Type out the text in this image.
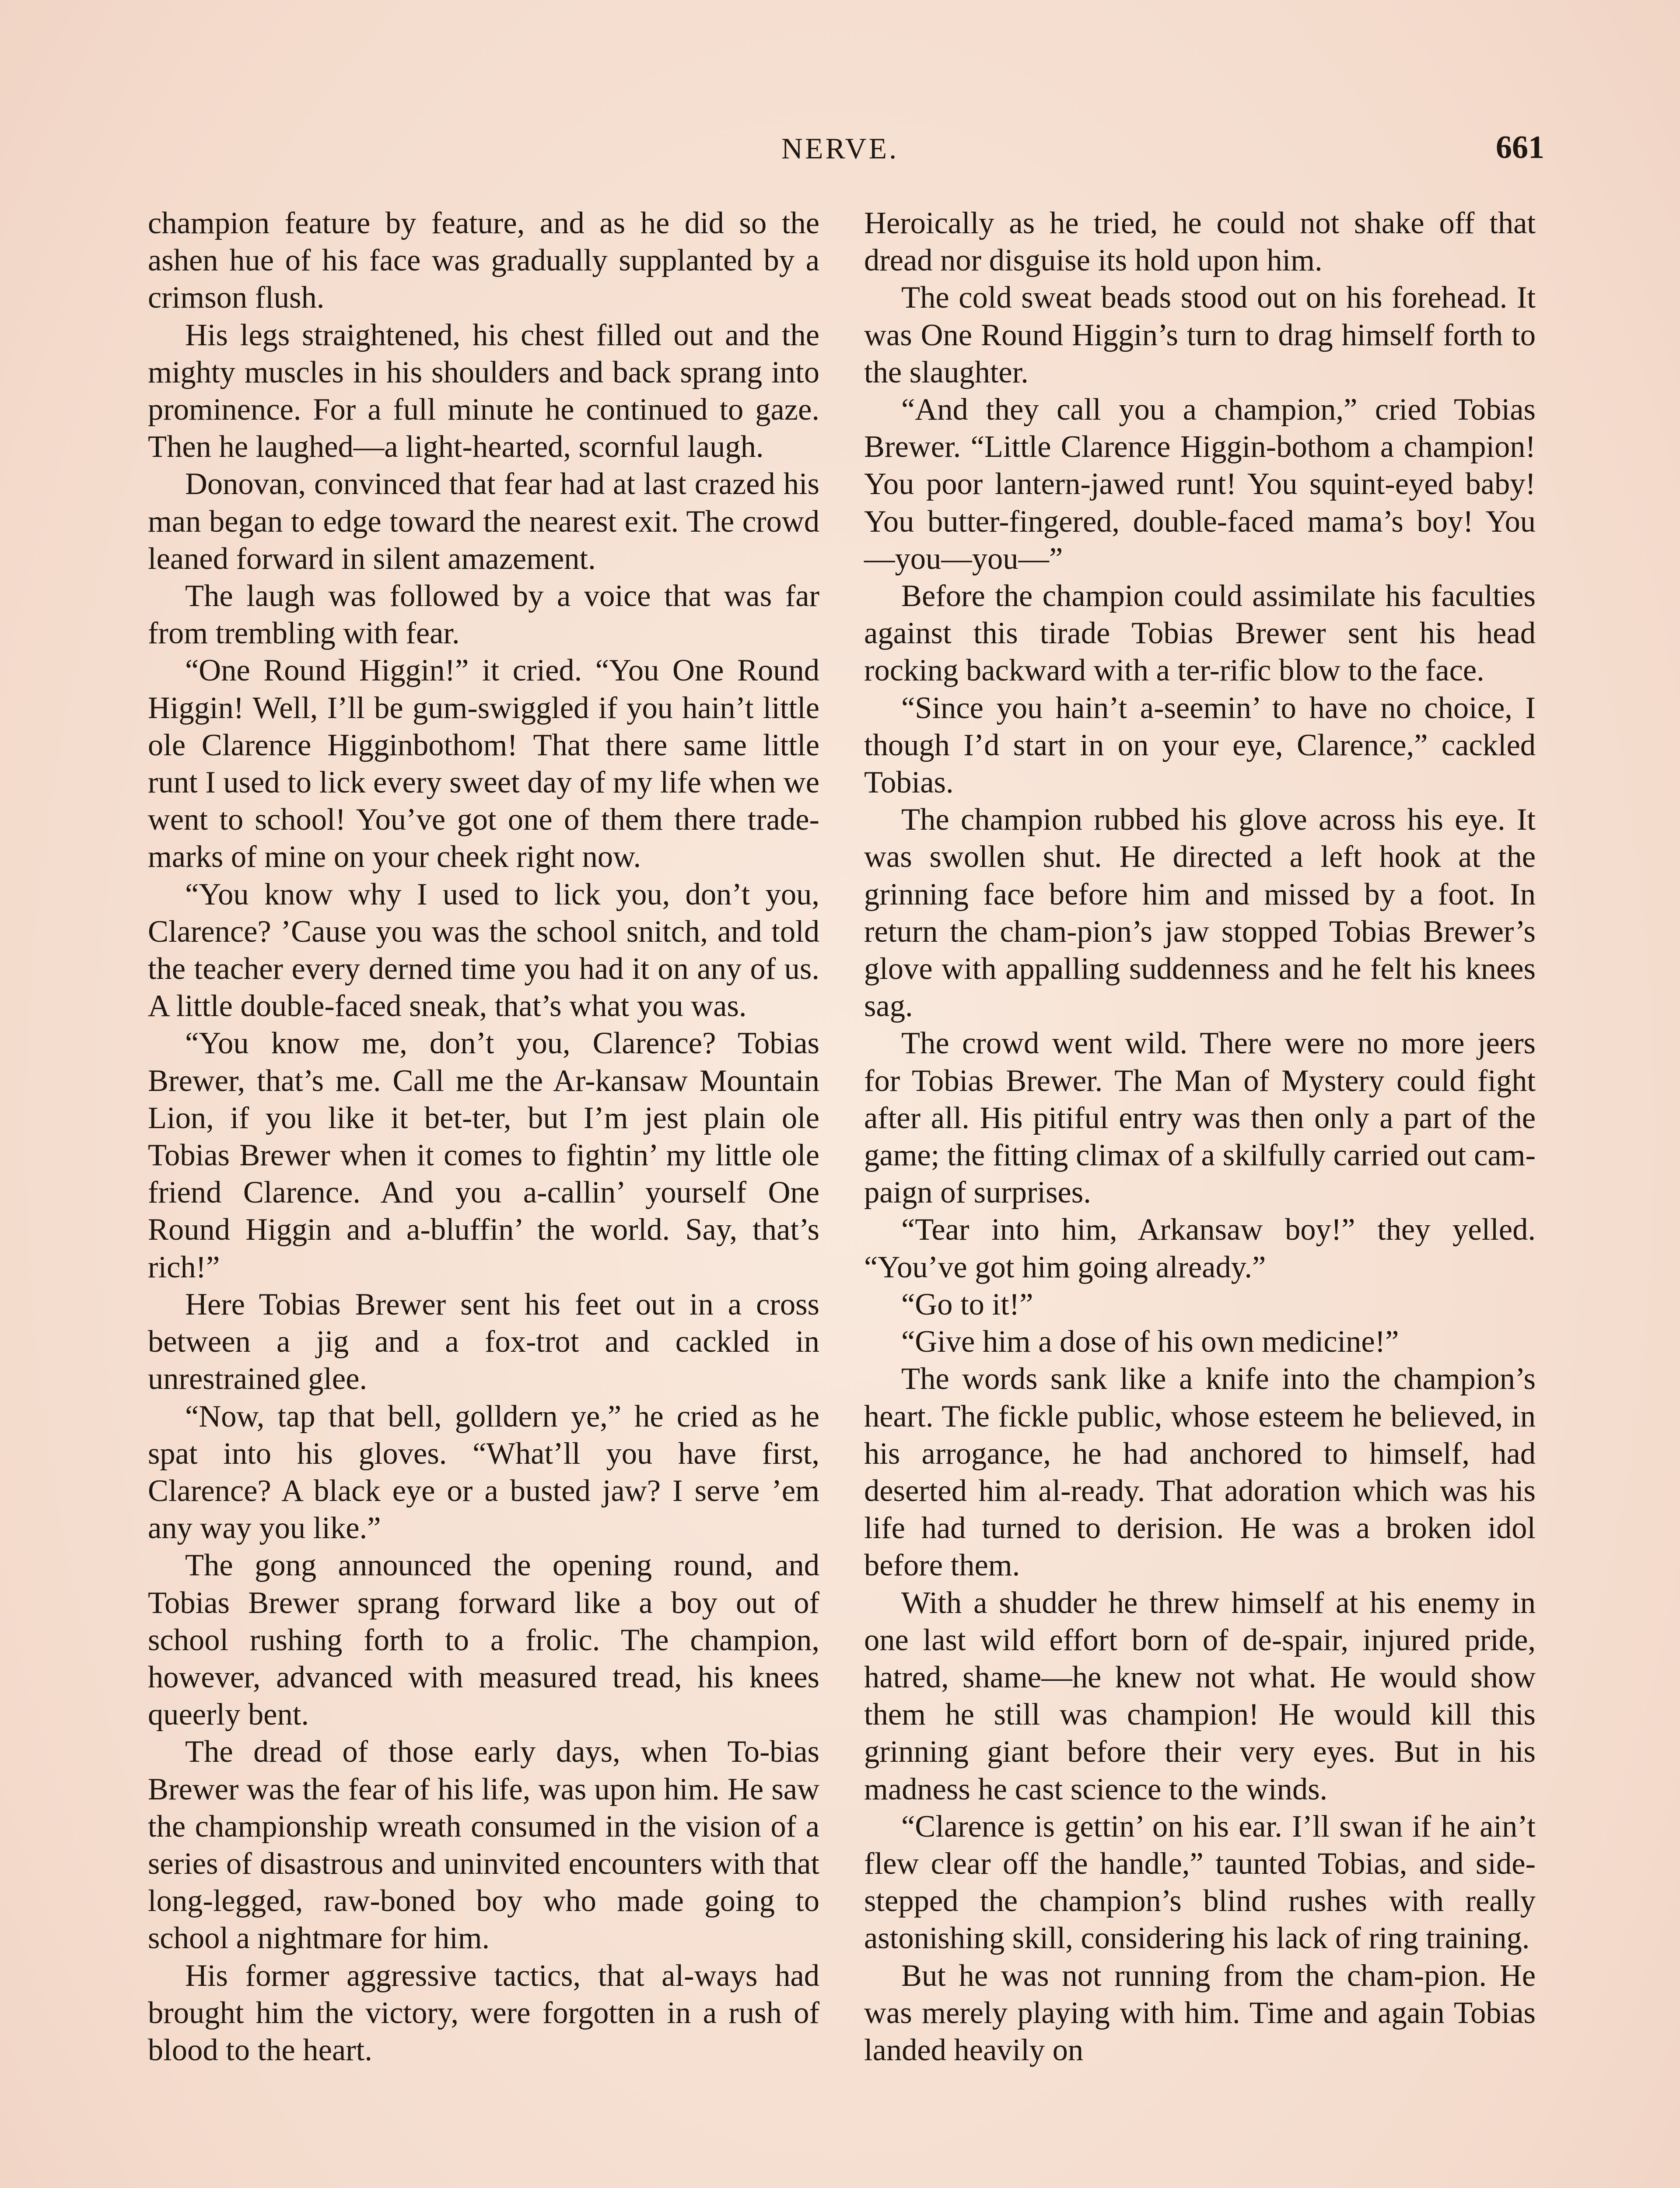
NERVE.	661

champion feature by feature, and as he did so the ashen hue of his face was gradually supplanted by a crimson flush.

His legs straightened, his chest filled out and the mighty muscles in his shoulders and back sprang into prominence. For a full minute he continued to gaze. Then he laughed—a light-hearted, scornful laugh.

Donovan, convinced that fear had at last crazed his man began to edge toward the nearest exit. The crowd leaned forward in silent amazement.

The laugh was followed by a voice that was far from trembling with fear.

“One Round Higgin!” it cried. “You One Round Higgin! Well, I’ll be gum-swiggled if you hain’t little ole Clarence Higginbothom! That there same little runt I used to lick every sweet day of my life when we went to school! You’ve got one of them there trade-marks of mine on your cheek right now.

“You know why I used to lick you, don’t you, Clarence? ’Cause you was the school snitch, and told the teacher every derned time you had it on any of us. A little double-faced sneak, that’s what you was.

“You know me, don’t you, Clarence? Tobias Brewer, that’s me. Call me the Ar-kansaw Mountain Lion, if you like it bet-ter, but I’m jest plain ole Tobias Brewer when it comes to fightin’ my little ole friend Clarence. And you a-callin’ yourself One Round Higgin and a-bluffin’ the world. Say, that’s rich!”

Here Tobias Brewer sent his feet out in a cross between a jig and a fox-trot and cackled in unrestrained glee.

“Now, tap that bell, golldern ye,” he cried as he spat into his gloves. “What’ll you have first, Clarence? A black eye or a busted jaw? I serve ’em any way you like.”

The gong announced the opening round, and Tobias Brewer sprang forward like a boy out of school rushing forth to a frolic. The champion, however, advanced with measured tread, his knees queerly bent.

The dread of those early days, when To-bias Brewer was the fear of his life, was upon him. He saw the championship wreath consumed in the vision of a series of disastrous and uninvited encounters with that long-legged, raw-boned boy who made going to school a nightmare for him.

His former aggressive tactics, that al-ways had brought him the victory, were forgotten in a rush of blood to the heart.

Heroically as he tried, he could not shake off that dread nor disguise its hold upon him.

The cold sweat beads stood out on his forehead. It was One Round Higgin’s turn to drag himself forth to the slaughter.

“And they call you a champion,” cried Tobias Brewer. “Little Clarence Higgin-bothom a champion! You poor lantern-jawed runt! You squint-eyed baby! You butter-fingered, double-faced mama’s boy! You—you—you—”

Before the champion could assimilate his faculties against this tirade Tobias Brewer sent his head rocking backward with a ter-rific blow to the face.

“Since you hain’t a-seemin’ to have no choice, I though I’d start in on your eye, Clarence,” cackled Tobias.

The champion rubbed his glove across his eye. It was swollen shut. He directed a left hook at the grinning face before him and missed by a foot. In return the cham-pion’s jaw stopped Tobias Brewer’s glove with appalling suddenness and he felt his knees sag.

The crowd went wild. There were no more jeers for Tobias Brewer. The Man of Mystery could fight after all. His pitiful entry was then only a part of the game; the fitting climax of a skilfully carried out cam-paign of surprises.

“Tear into him, Arkansaw boy!” they yelled. “You’ve got him going already.”

“Go to it!”

“Give him a dose of his own medicine!”

The words sank like a knife into the champion’s heart. The fickle public, whose esteem he believed, in his arrogance, he had anchored to himself, had deserted him al-ready. That adoration which was his life had turned to derision. He was a broken idol before them.

With a shudder he threw himself at his enemy in one last wild effort born of de-spair, injured pride, hatred, shame—he knew not what. He would show them he still was champion! He would kill this grinning giant before their very eyes. But in his madness he cast science to the winds.

“Clarence is gettin’ on his ear. I’ll swan if he ain’t flew clear off the handle,” taunted Tobias, and side-stepped the champion’s blind rushes with really astonishing skill, considering his lack of ring training.

But he was not running from the cham-pion. He was merely playing with him. Time and again Tobias landed heavily on
